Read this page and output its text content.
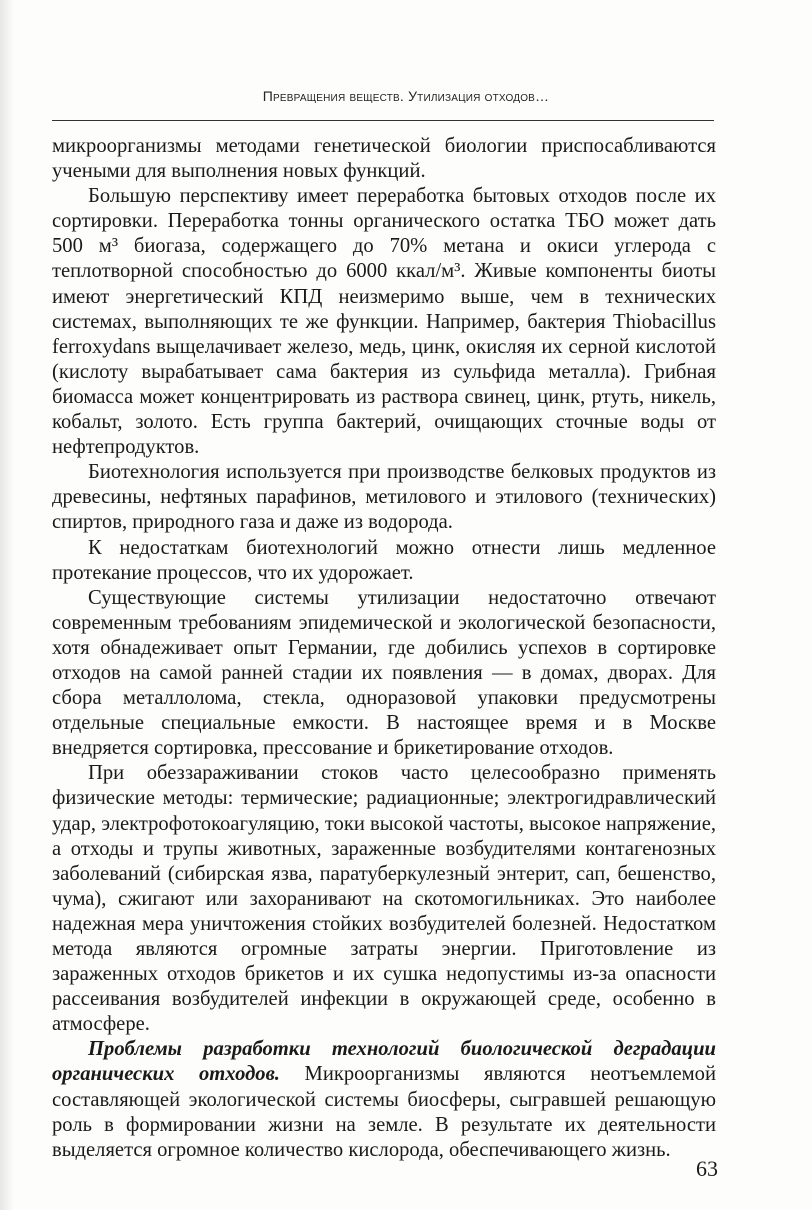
Превращения веществ. Утилизация отходов…

микроорганизмы методами генетической биологии приспосабливаются учеными для выполнения новых функций.

Большую перспективу имеет переработка бытовых отходов после их сортировки. Переработка тонны органического остатка ТБО может дать 500 м³ биогаза, содержащего до 70% метана и окиси углерода с теплотворной способностью до 6000 ккал/м³. Живые компоненты биоты имеют энергетический КПД неизмеримо выше, чем в технических системах, выполняющих те же функции. Например, бактерия Thiobacillus ferroxydans выщелачивает железо, медь, цинк, окисляя их серной кислотой (кислоту вырабатывает сама бактерия из сульфида металла). Грибная биомасса может концентрировать из раствора свинец, цинк, ртуть, никель, кобальт, золото. Есть группа бактерий, очищающих сточные воды от нефтепродуктов.

Биотехнология используется при производстве белковых продуктов из древесины, нефтяных парафинов, метилового и этилового (технических) спиртов, природного газа и даже из водорода.

К недостаткам биотехнологий можно отнести лишь медленное протекание процессов, что их удорожает.

Существующие системы утилизации недостаточно отвечают современным требованиям эпидемической и экологической безопасности, хотя обнадеживает опыт Германии, где добились успехов в сортировке отходов на самой ранней стадии их появления — в домах, дворах. Для сбора металлолома, стекла, одноразовой упаковки предусмотрены отдельные специальные емкости. В настоящее время и в Москве внедряется сортировка, прессование и брикетирование отходов.

При обеззараживании стоков часто целесообразно применять физические методы: термические; радиационные; электрогидравлический удар, электрофотокоагуляцию, токи высокой частоты, высокое напряжение, а отходы и трупы животных, зараженные возбудителями контагенозных заболеваний (сибирская язва, паратуберкулезный энтерит, сап, бешенство, чума), сжигают или захоранивают на скотомогильниках. Это наиболее надежная мера уничтожения стойких возбудителей болезней. Недостатком метода являются огромные затраты энергии. Приготовление из зараженных отходов брикетов и их сушка недопустимы из-за опасности рассеивания возбудителей инфекции в окружающей среде, особенно в атмосфере.

Проблемы разработки технологий биологической деградации органических отходов. Микроорганизмы являются неотъемлемой составляющей экологической системы биосферы, сыгравшей решающую роль в формировании жизни на земле. В результате их деятельности выделяется огромное количество кислорода, обеспечивающего жизнь.

63
